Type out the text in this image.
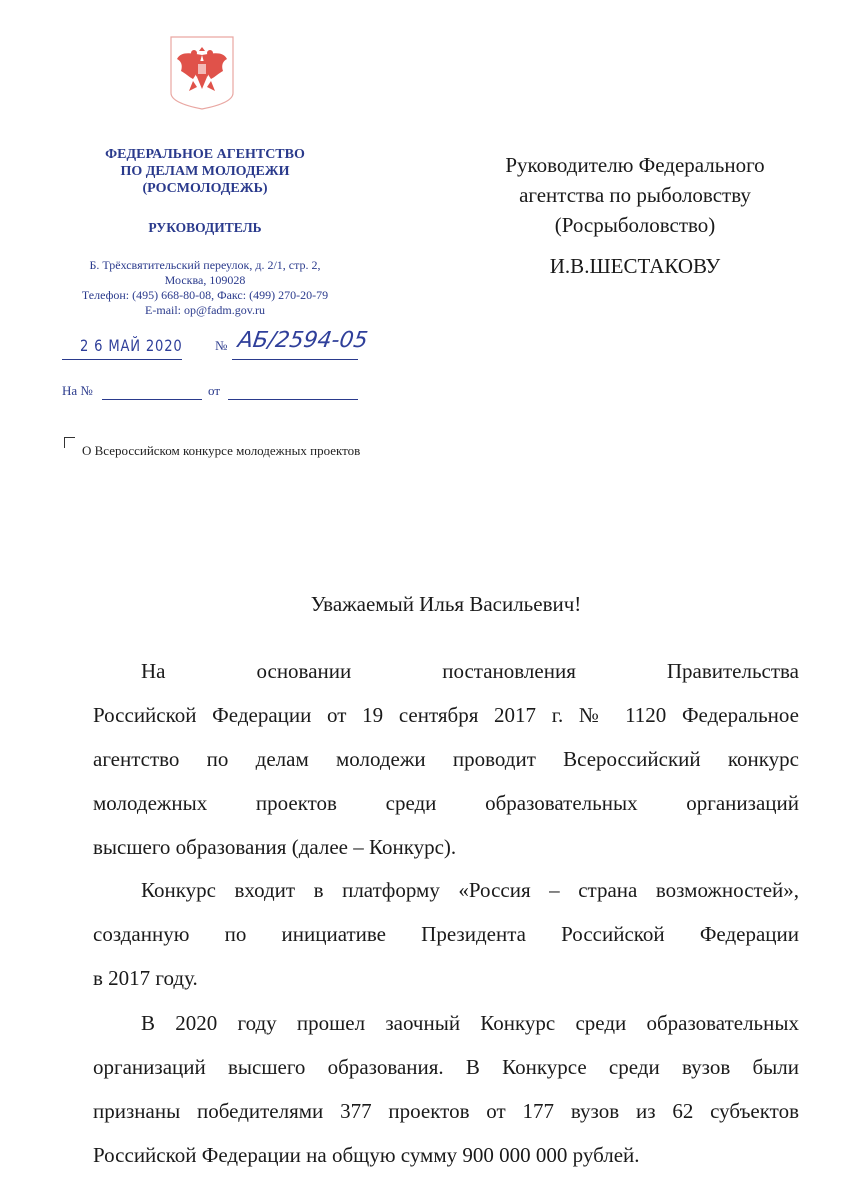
ФЕДЕРАЛЬНОЕ АГЕНТСТВО
ПО ДЕЛАМ МОЛОДЕЖИ
(РОСМОЛОДЕЖЬ)
РУКОВОДИТЕЛЬ
Б. Трёхсвятительский переулок, д. 2/1, стр. 2,
Москва, 109028
Телефон: (495) 668-80-08, Факс: (499) 270-20-79
E-mail: op@fadm.gov.ru
2 6 МАЙ 2020 № АБ/2594-05
На №	от
О Всероссийском конкурсе молодежных проектов
Руководителю Федерального
агентства по рыболовству
(Росрыболовство)
И.В.ШЕСТАКОВУ
Уважаемый Илья Васильевич!
На основании постановления Правительства
Российской Федерации от 19 сентября 2017 г. № 1120 Федеральное
агентство по делам молодежи проводит Всероссийский конкурс
молодежных проектов среди образовательных организаций
высшего образования (далее – Конкурс).
Конкурс входит в платформу «Россия – страна возможностей»,
созданную по инициативе Президента Российской Федерации
в 2017 году.
В 2020 году прошел заочный Конкурс среди образовательных
организаций высшего образования. В Конкурсе среди вузов были
признаны победителями 377 проектов от 177 вузов из 62 субъектов
Российской Федерации на общую сумму 900 000 000 рублей.
